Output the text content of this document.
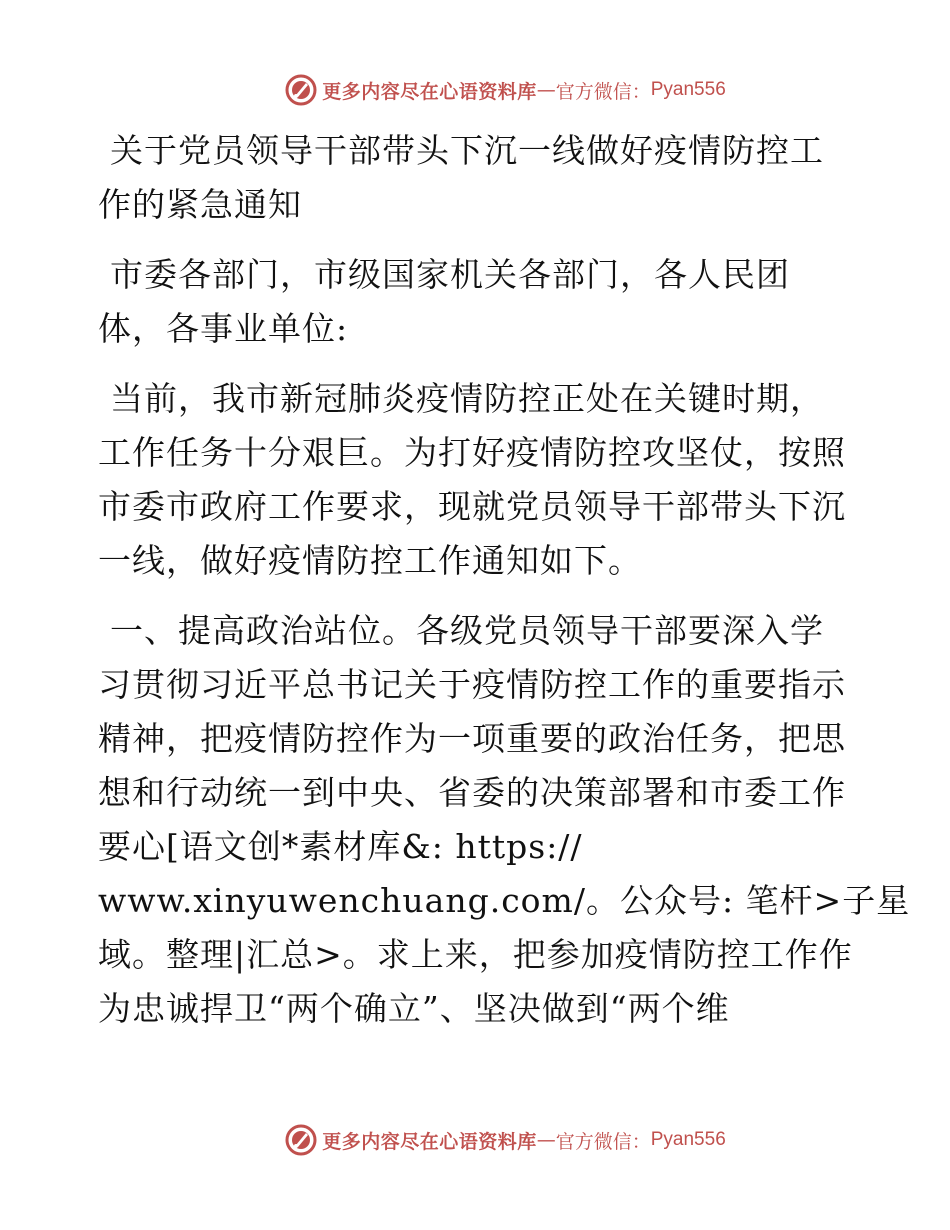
更多内容尽在心语资料库 — 官方微信： Pyan556
关于党员领导干部带头下沉一线做好疫情防控工
作的紧急通知
市委各部门，市级国家机关各部门，各人民团
体，各事业单位:
当前，我市新冠肺炎疫情防控正处在关键时期，
工作任务十分艰巨。为打好疫情防控攻坚仗，按照
市委市政府工作要求，现就党员领导干部带头下沉
一线，做好疫情防控工作通知如下。
一、提高政治站位。各级党员领导干部要深入学
习贯彻习近平总书记关于疫情防控工作的重要指示
精神，把疫情防控作为一项重要的政治任务，把思
想和行动统一到中央、省委的决策部署和市委工作
要心[语文创*素材库&: https://
www.xinyuwenchuang.com/。公众号: 笔杆>子星
域。整理|汇总>。求上来，把参加疫情防控工作作
为忠诚捍卫“两个确立”、坚决做到“两个维
更多内容尽在心语资料库 — 官方微信： Pyan556
